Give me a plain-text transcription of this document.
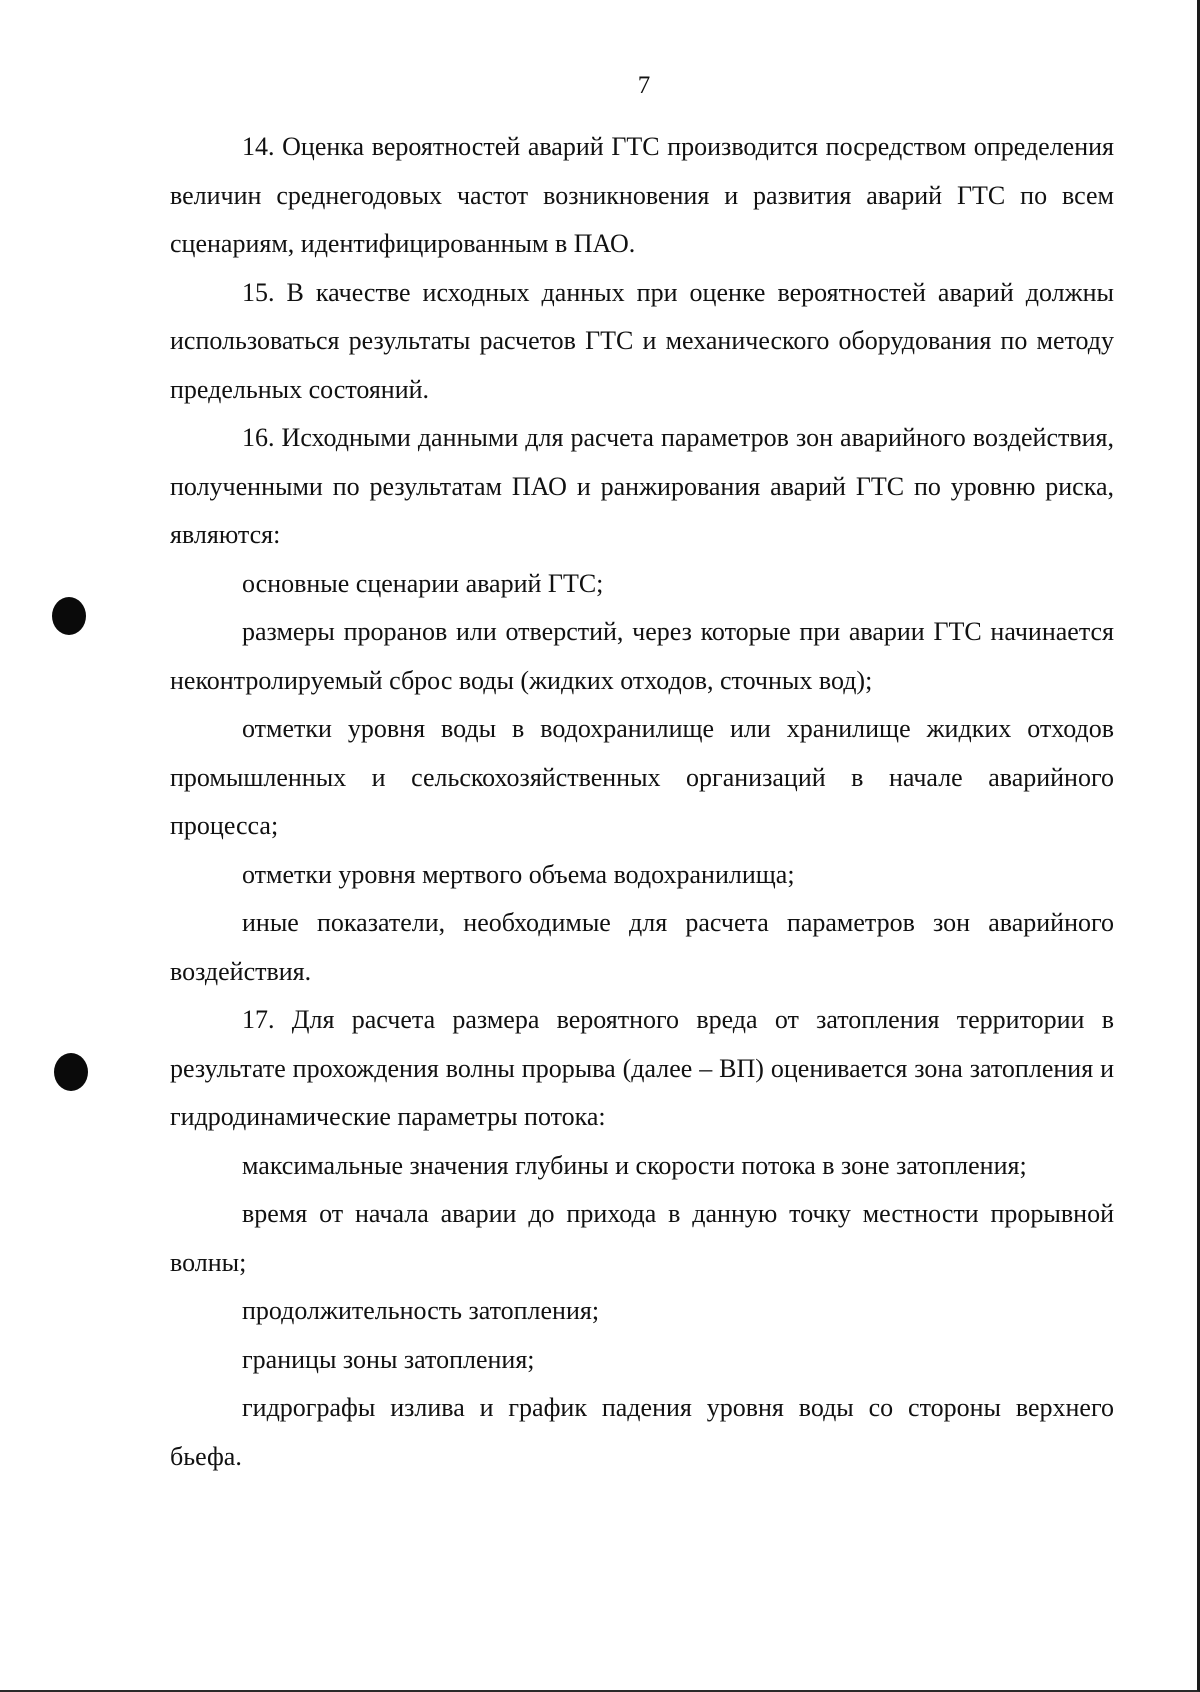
7

14. Оценка вероятностей аварий ГТС производится посредством определения величин среднегодовых частот возникновения и развития аварий ГТС по всем сценариям, идентифицированным в ПАО.

15. В качестве исходных данных при оценке вероятностей аварий должны использоваться результаты расчетов ГТС и механического оборудования по методу предельных состояний.

16. Исходными данными для расчета параметров зон аварийного воздействия, полученными по результатам ПАО и ранжирования аварий ГТС по уровню риска, являются:

основные сценарии аварий ГТС;

размеры проранов или отверстий, через которые при аварии ГТС начинается неконтролируемый сброс воды (жидких отходов, сточных вод);

отметки уровня воды в водохранилище или хранилище жидких отходов промышленных и сельскохозяйственных организаций в начале аварийного процесса;

отметки уровня мертвого объема водохранилища;

иные показатели, необходимые для расчета параметров зон аварийного воздействия.

17. Для расчета размера вероятного вреда от затопления территории в результате прохождения волны прорыва (далее – ВП) оценивается зона затопления и гидродинамические параметры потока:

максимальные значения глубины и скорости потока в зоне затопления;

время от начала аварии до прихода в данную точку местности прорывной волны;

продолжительность затопления;

границы зоны затопления;

гидрографы излива и график падения уровня воды со стороны верхнего бьефа.
